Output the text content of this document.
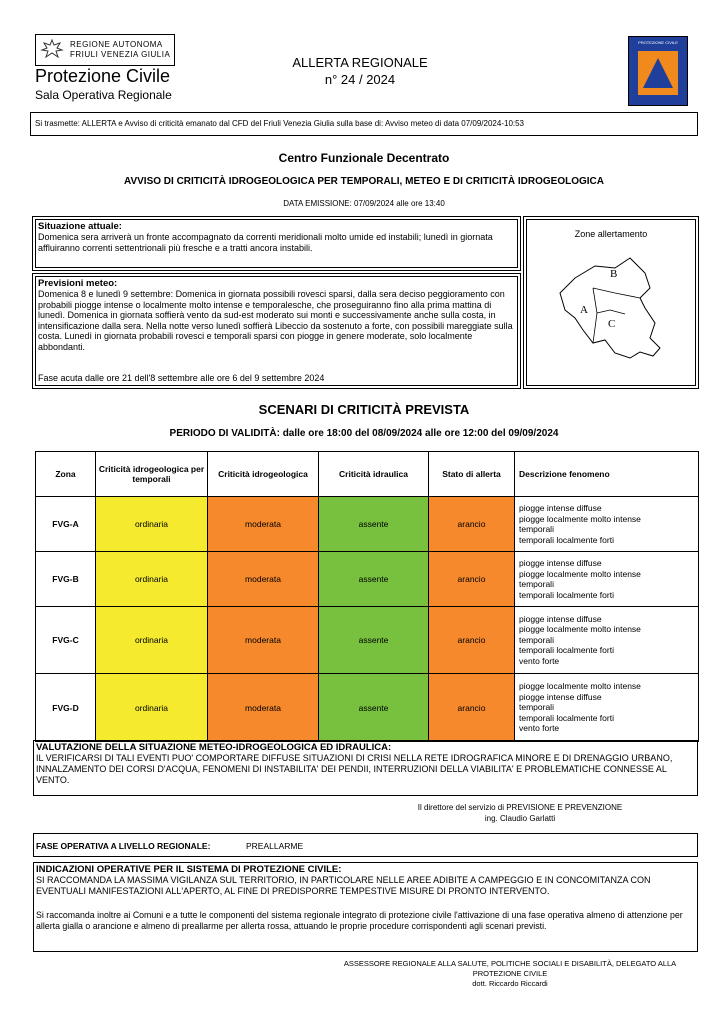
REGIONE AUTONOMA
FRIULI VENEZIA GIULIA
Protezione Civile
Sala Operativa Regionale
ALLERTA REGIONALE
n° 24 / 2024
PROTEZIONE CIVILE
Si trasmette: ALLERTA e Avviso di criticità emanato dal CFD del Friuli Venezia Giulia sulla base di: Avviso meteo di data 07/09/2024-10:53
Centro Funzionale Decentrato
AVVISO DI CRITICITÀ IDROGEOLOGICA PER TEMPORALI, METEO E DI CRITICITÀ IDROGEOLOGICA
DATA EMISSIONE: 07/09/2024 alle ore 13:40
Situazione attuale:
Domenica sera arriverà un fronte accompagnato da correnti meridionali molto umide ed instabili; lunedì in giornata affluiranno correnti settentrionali più fresche e a tratti ancora instabili.
Previsioni meteo:
Domenica 8 e lunedì 9 settembre: Domenica in giornata possibili rovesci sparsi, dalla sera deciso peggioramento con probabili piogge intense o localmente molto intense e temporalesche, che proseguiranno fino alla prima mattina di lunedì. Domenica in giornata soffierà vento da sud-est moderato sui monti e successivamente anche sulla costa, in intensificazione dalla sera. Nella notte verso lunedì soffierà Libeccio da sostenuto a forte, con possibili mareggiate sulla costa. Lunedì in giornata probabili rovesci e temporali sparsi con piogge in genere moderate, solo localmente abbondanti.
Fase acuta dalle ore 21 dell'8 settembre alle ore 6 del 9 settembre 2024
Zone allertamento
A
B
C
SCENARI DI CRITICITÀ PREVISTA
PERIODO DI VALIDITÀ: dalle ore 18:00 del 08/09/2024 alle ore 12:00 del 09/09/2024
Zona	Criticità idrogeologica per temporali	Criticità idrogeologica	Criticità idraulica	Stato di allerta	Descrizione fenomeno
FVG-A	ordinaria	moderata	assente	arancio	piogge intense diffuse
piogge localmente molto intense
temporali
temporali localmente forti

FVG-B	ordinaria	moderata	assente	arancio	piogge intense diffuse
piogge localmente molto intense
temporali
temporali localmente forti

FVG-C	ordinaria	moderata	assente	arancio	piogge intense diffuse
piogge localmente molto intense
temporali
temporali localmente forti
vento forte

FVG-D	ordinaria	moderata	assente	arancio	piogge localmente molto intense
piogge intense diffuse
temporali
temporali localmente forti
vento forte
VALUTAZIONE DELLA SITUAZIONE METEO-IDROGEOLOGICA ED IDRAULICA:
IL VERIFICARSI DI TALI EVENTI PUO' COMPORTARE DIFFUSE SITUAZIONI DI CRISI NELLA RETE IDROGRAFICA MINORE E DI DRENAGGIO URBANO, INNALZAMENTO DEI CORSI D'ACQUA, FENOMENI DI INSTABILITA' DEI PENDII, INTERRUZIONI DELLA VIABILITA' E PROBLEMATICHE CONNESSE AL VENTO.
Il direttore del servizio di PREVISIONE E PREVENZIONE
ing. Claudio Garlatti
FASE OPERATIVA A LIVELLO REGIONALE:	PREALLARME
INDICAZIONI OPERATIVE PER IL SISTEMA DI PROTEZIONE CIVILE:
SI RACCOMANDA LA MASSIMA VIGILANZA SUL TERRITORIO, IN PARTICOLARE NELLE AREE ADIBITE A CAMPEGGIO E IN CONCOMITANZA CON EVENTUALI MANIFESTAZIONI ALL'APERTO, AL FINE DI PREDISPORRE TEMPESTIVE MISURE DI PRONTO INTERVENTO.
Si raccomanda inoltre ai Comuni e a tutte le componenti del sistema regionale integrato di protezione civile l'attivazione di una fase operativa almeno di attenzione per allerta gialla o arancione e almeno di preallarme per allerta rossa, attuando le proprie procedure corrispondenti agli scenari previsti.
ASSESSORE REGIONALE ALLA SALUTE, POLITICHE SOCIALI E DISABILITÀ, DELEGATO ALLA
PROTEZIONE CIVILE
dott. Riccardo Riccardi
